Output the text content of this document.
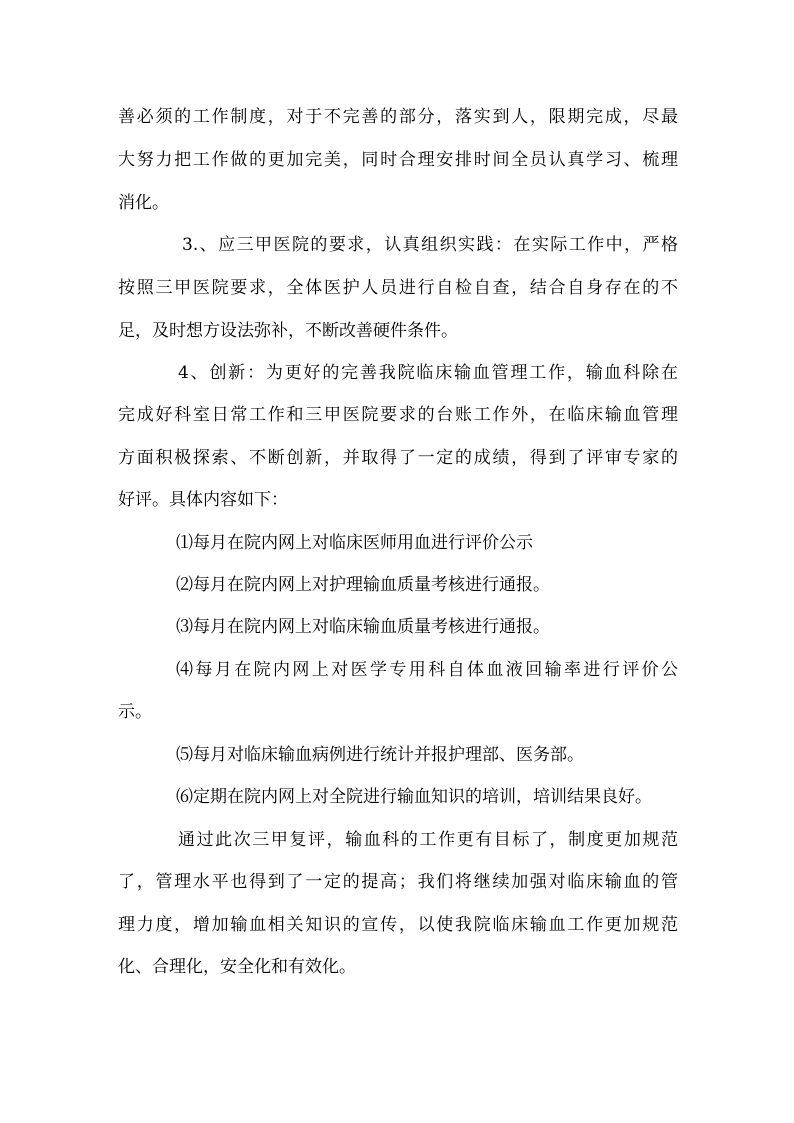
善必须的工作制度，对于不完善的部分，落实到人，限期完成，尽最
大努力把工作做的更加完美，同时合理安排时间全员认真学习、梳理
消化。
3.、应三甲医院的要求，认真组织实践：在实际工作中，严格
按照三甲医院要求，全体医护人员进行自检自查，结合自身存在的不
足，及时想方设法弥补，不断改善硬件条件。
4、创新：为更好的完善我院临床输血管理工作，输血科除在
完成好科室日常工作和三甲医院要求的台账工作外，在临床输血管理
方面积极探索、不断创新，并取得了一定的成绩，得到了评审专家的
好评。具体内容如下：
⑴每月在院内网上对临床医师用血进行评价公示
⑵每月在院内网上对护理输血质量考核进行通报。
⑶每月在院内网上对临床输血质量考核进行通报。
⑷每月在院内网上对医学专用科自体血液回输率进行评价公
示。
⑸每月对临床输血病例进行统计并报护理部、医务部。
⑹定期在院内网上对全院进行输血知识的培训，培训结果良好。
通过此次三甲复评，输血科的工作更有目标了，制度更加规范
了，管理水平也得到了一定的提高；我们将继续加强对临床输血的管
理力度，增加输血相关知识的宣传，以使我院临床输血工作更加规范
化、合理化，安全化和有效化。
